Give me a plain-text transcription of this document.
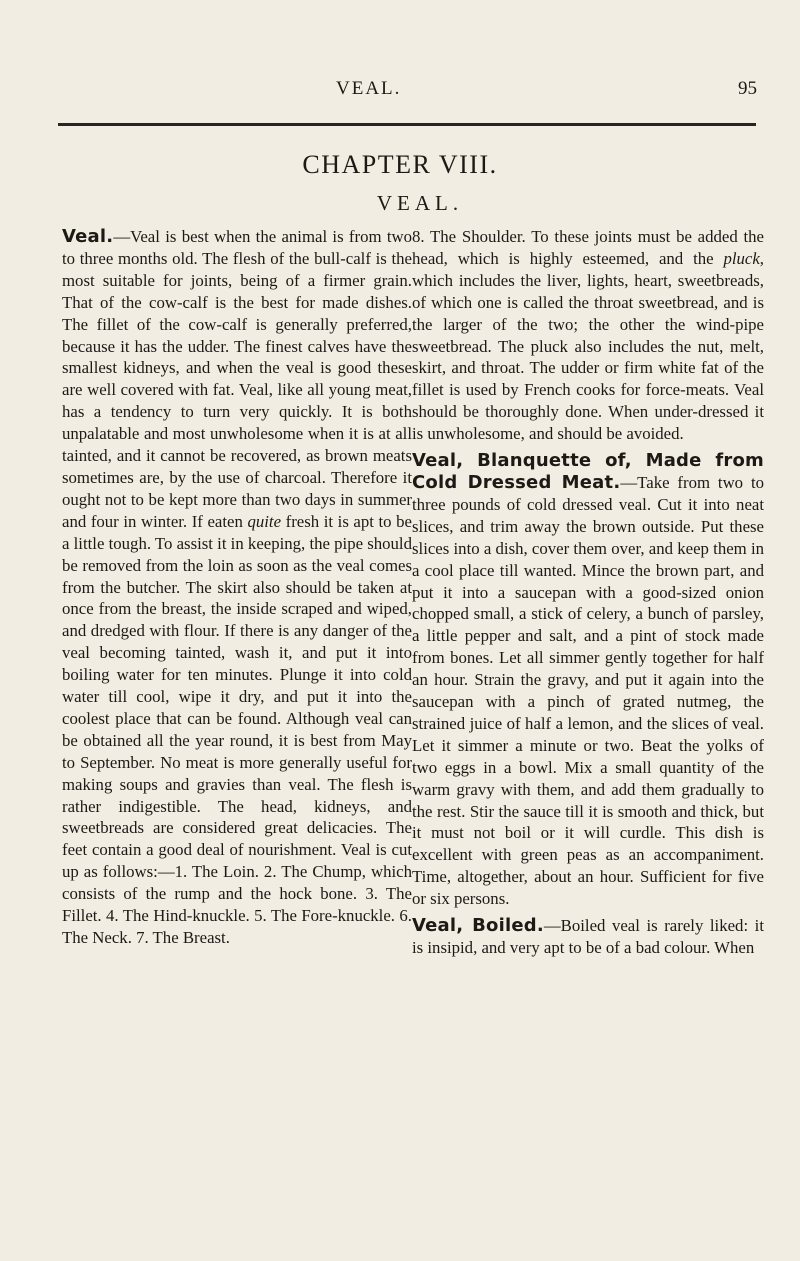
VEAL.	95
CHAPTER VIII.
VEAL.

Veal.—Veal is best when the animal is from two to three months old. The flesh of the bull-calf is the most suitable for joints, being of a firmer grain. That of the cow-calf is the best for made dishes. The fillet of the cow-calf is generally preferred, because it has the udder. The finest calves have the smallest kidneys, and when the veal is good these are well covered with fat. Veal, like all young meat, has a tendency to turn very quickly. It is both unpalatable and most unwholesome when it is at all tainted, and it cannot be recovered, as brown meats sometimes are, by the use of charcoal. Therefore it ought not to be kept more than two days in summer and four in winter. If eaten quite fresh it is apt to be a little tough. To assist it in keeping, the pipe should be removed from the loin as soon as the veal comes from the butcher. The skirt also should be taken at once from the breast, the inside scraped and wiped, and dredged with flour. If there is any danger of the veal becoming tainted, wash it, and put it into boiling water for ten minutes. Plunge it into cold water till cool, wipe it dry, and put it into the coolest place that can be found. Although veal can be obtained all the year round, it is best from May to September. No meat is more generally useful for making soups and gravies than veal. The flesh is rather indigestible. The head, kidneys, and sweetbreads are considered great delicacies. The feet contain a good deal of nourishment. Veal is cut up as follows:—1. The Loin. 2. The Chump, which consists of the rump and the hock bone. 3. The Fillet. 4. The Hind-knuckle. 5. The Fore-knuckle. 6. The Neck. 7. The Breast.

8. The Shoulder. To these joints must be added the head, which is highly esteemed, and the pluck, which includes the liver, lights, heart, sweetbreads, of which one is called the throat sweetbread, and is the larger of the two; the other the wind-pipe sweetbread. The pluck also includes the nut, melt, skirt, and throat. The udder or firm white fat of the fillet is used by French cooks for force-meats. Veal should be thoroughly done. When under-dressed it is unwholesome, and should be avoided.

Veal, Blanquette of, Made from Cold Dressed Meat.—Take from two to three pounds of cold dressed veal. Cut it into neat slices, and trim away the brown outside. Put these slices into a dish, cover them over, and keep them in a cool place till wanted. Mince the brown part, and put it into a saucepan with a good-sized onion chopped small, a stick of celery, a bunch of parsley, a little pepper and salt, and a pint of stock made from bones. Let all simmer gently together for half an hour. Strain the gravy, and put it again into the saucepan with a pinch of grated nutmeg, the strained juice of half a lemon, and the slices of veal. Let it simmer a minute or two. Beat the yolks of two eggs in a bowl. Mix a small quantity of the warm gravy with them, and add them gradually to the rest. Stir the sauce till it is smooth and thick, but it must not boil or it will curdle. This dish is excellent with green peas as an accompaniment. Time, altogether, about an hour. Sufficient for five or six persons.

Veal, Boiled.—Boiled veal is rarely liked: it is insipid, and very apt to be of a bad colour. When
